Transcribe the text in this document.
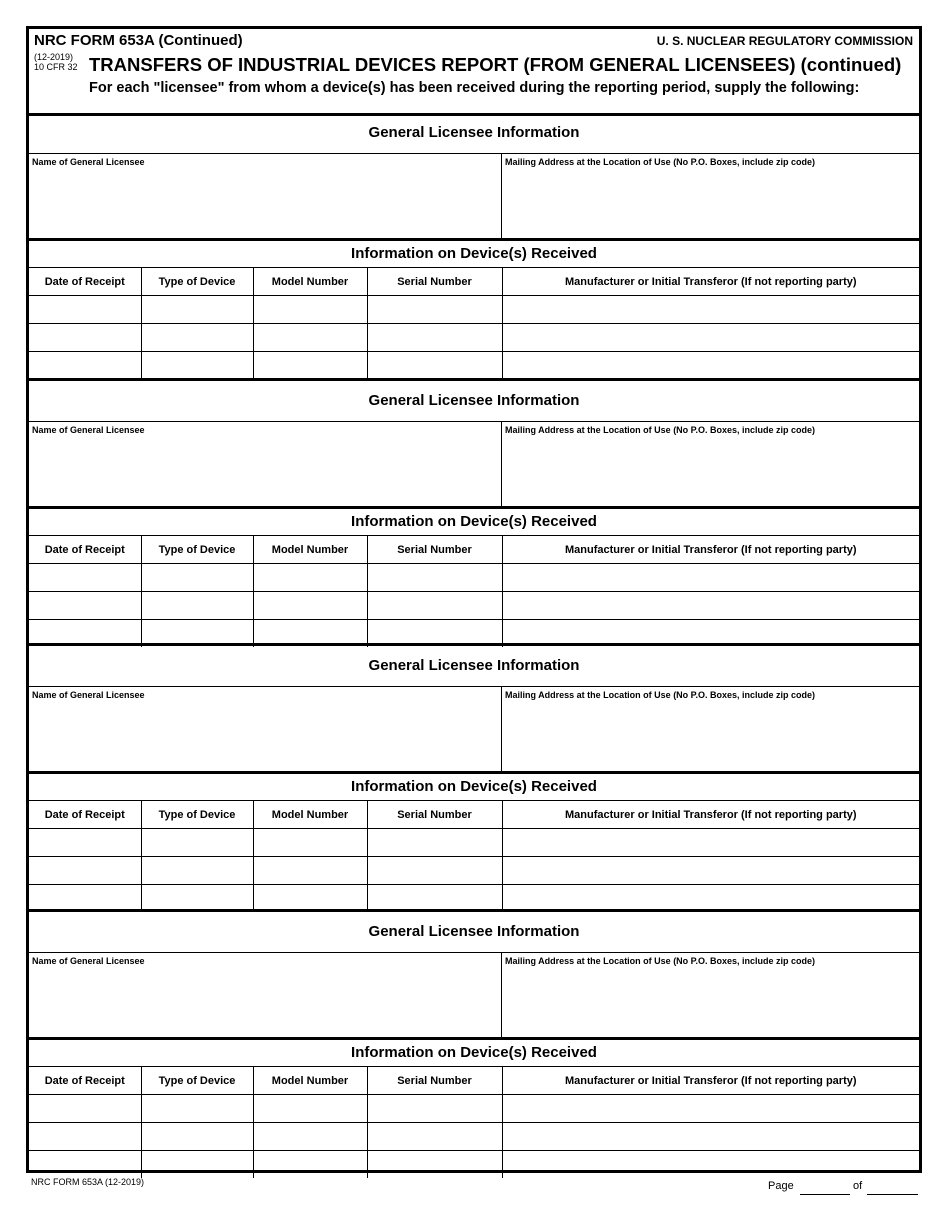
NRC FORM 653A (Continued)	U. S. NUCLEAR REGULATORY COMMISSION
(12-2019)
10 CFR 32 TRANSFERS OF INDUSTRIAL DEVICES REPORT (FROM GENERAL LICENSEES) (continued)
For each "licensee" from whom a device(s) has been received during the reporting period, supply the following:
General Licensee Information
Name of General Licensee	Mailing Address at the Location of Use (No P.O. Boxes, include zip code)
Information on Device(s) Received
Date of Receipt	Type of Device	Model Number	Serial Number	Manufacturer or Initial Transferor (If not reporting party)

General Licensee Information
Name of General Licensee	Mailing Address at the Location of Use (No P.O. Boxes, include zip code)
Information on Device(s) Received
Date of Receipt	Type of Device	Model Number	Serial Number	Manufacturer or Initial Transferor (If not reporting party)

General Licensee Information
Name of General Licensee	Mailing Address at the Location of Use (No P.O. Boxes, include zip code)
Information on Device(s) Received
Date of Receipt	Type of Device	Model Number	Serial Number	Manufacturer or Initial Transferor (If not reporting party)

General Licensee Information
Name of General Licensee	Mailing Address at the Location of Use (No P.O. Boxes, include zip code)
Information on Device(s) Received
Date of Receipt	Type of Device	Model Number	Serial Number	Manufacturer or Initial Transferor (If not reporting party)

NRC FORM 653A (12-2019)	Page	of
